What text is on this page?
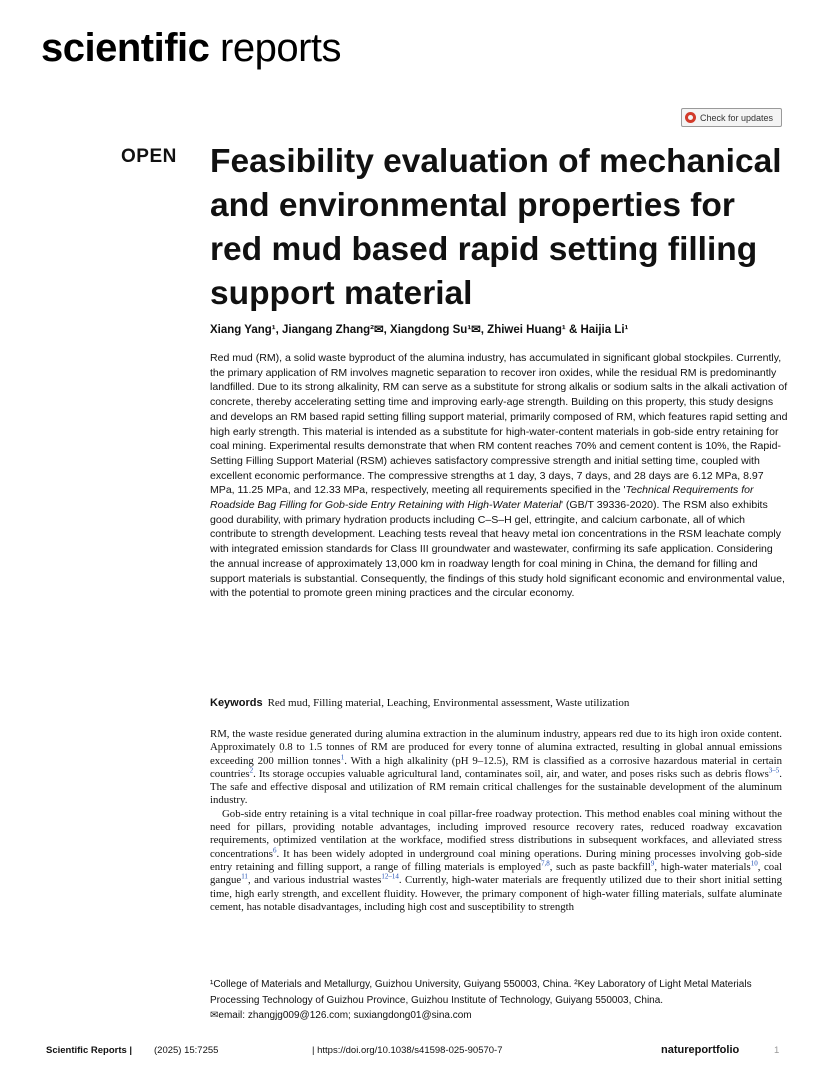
scientific reports
Check for updates
OPEN Feasibility evaluation of mechanical and environmental properties for red mud based rapid setting filling support material
Xiang Yang¹, Jiangang Zhang²✉, Xiangdong Su¹✉, Zhiwei Huang¹ & Haijia Li¹

Red mud (RM), a solid waste byproduct of the alumina industry, has accumulated in significant global stockpiles. Currently, the primary application of RM involves magnetic separation to recover iron oxides, while the residual RM is predominantly landfilled. Due to its strong alkalinity, RM can serve as a substitute for strong alkalis or sodium salts in the alkali activation of concrete, thereby accelerating setting time and improving early-age strength. Building on this property, this study designs and develops an RM based rapid setting filling support material, primarily composed of RM, which features rapid setting and high early strength. This material is intended as a substitute for high-water-content materials in gob-side entry retaining for coal mining. Experimental results demonstrate that when RM content reaches 70% and cement content is 10%, the Rapid-Setting Filling Support Material (RSM) achieves satisfactory compressive strength and initial setting time, coupled with excellent economic performance. The compressive strengths at 1 day, 3 days, 7 days, and 28 days are 6.12 MPa, 8.97 MPa, 11.25 MPa, and 12.33 MPa, respectively, meeting all requirements specified in the 'Technical Requirements for Roadside Bag Filling for Gob-side Entry Retaining with High-Water Material' (GB/T 39336-2020). The RSM also exhibits good durability, with primary hydration products including C–S–H gel, ettringite, and calcium carbonate, all of which contribute to strength development. Leaching tests reveal that heavy metal ion concentrations in the RSM leachate comply with integrated emission standards for Class III groundwater and wastewater, confirming its safe application. Considering the annual increase of approximately 13,000 km in roadway length for coal mining in China, the demand for filling and support materials is substantial. Consequently, the findings of this study hold significant economic and environmental value, with the potential to promote green mining practices and the circular economy.

Keywords Red mud, Filling material, Leaching, Environmental assessment, Waste utilization

RM, the waste residue generated during alumina extraction in the aluminum industry, appears red due to its high iron oxide content. Approximately 0.8 to 1.5 tonnes of RM are produced for every tonne of alumina extracted, resulting in global annual emissions exceeding 200 million tonnes$^1$. With a high alkalinity (pH 9–12.5), RM is classified as a corrosive hazardous material in certain countries$^2$. Its storage occupies valuable agricultural land, contaminates soil, air, and water, and poses risks such as debris flows$^{3-5}$. The safe and effective disposal and utilization of RM remain critical challenges for the sustainable development of the aluminum industry.

Gob-side entry retaining is a vital technique in coal pillar-free roadway protection. This method enables coal mining without the need for pillars, providing notable advantages, including improved resource recovery rates, reduced roadway excavation requirements, optimized ventilation at the workface, modified stress distributions in subsequent workfaces, and alleviated stress concentrations$^6$. It has been widely adopted in underground coal mining operations. During mining processes involving gob-side entry retaining and filling support, a range of filling materials is employed$^{7,8}$, such as paste backfill$^9$, high-water materials$^{10}$, coal gangue$^{11}$, and various industrial wastes$^{12-14}$. Currently, high-water materials are frequently utilized due to their short initial setting time, high early strength, and excellent fluidity. However, the primary component of high-water filling materials, sulfate aluminate cement, has notable disadvantages, including high cost and susceptibility to strength

¹College of Materials and Metallurgy, Guizhou University, Guiyang 550003, China. ²Key Laboratory of Light Metal Materials Processing Technology of Guizhou Province, Guizhou Institute of Technology, Guiyang 550003, China.
✉email: zhangjg009@126.com; suxiangdong01@sina.com
Scientific Reports | (2025) 15:7255	| https://doi.org/10.1038/s41598-025-90570-7	natureportfolio	1
